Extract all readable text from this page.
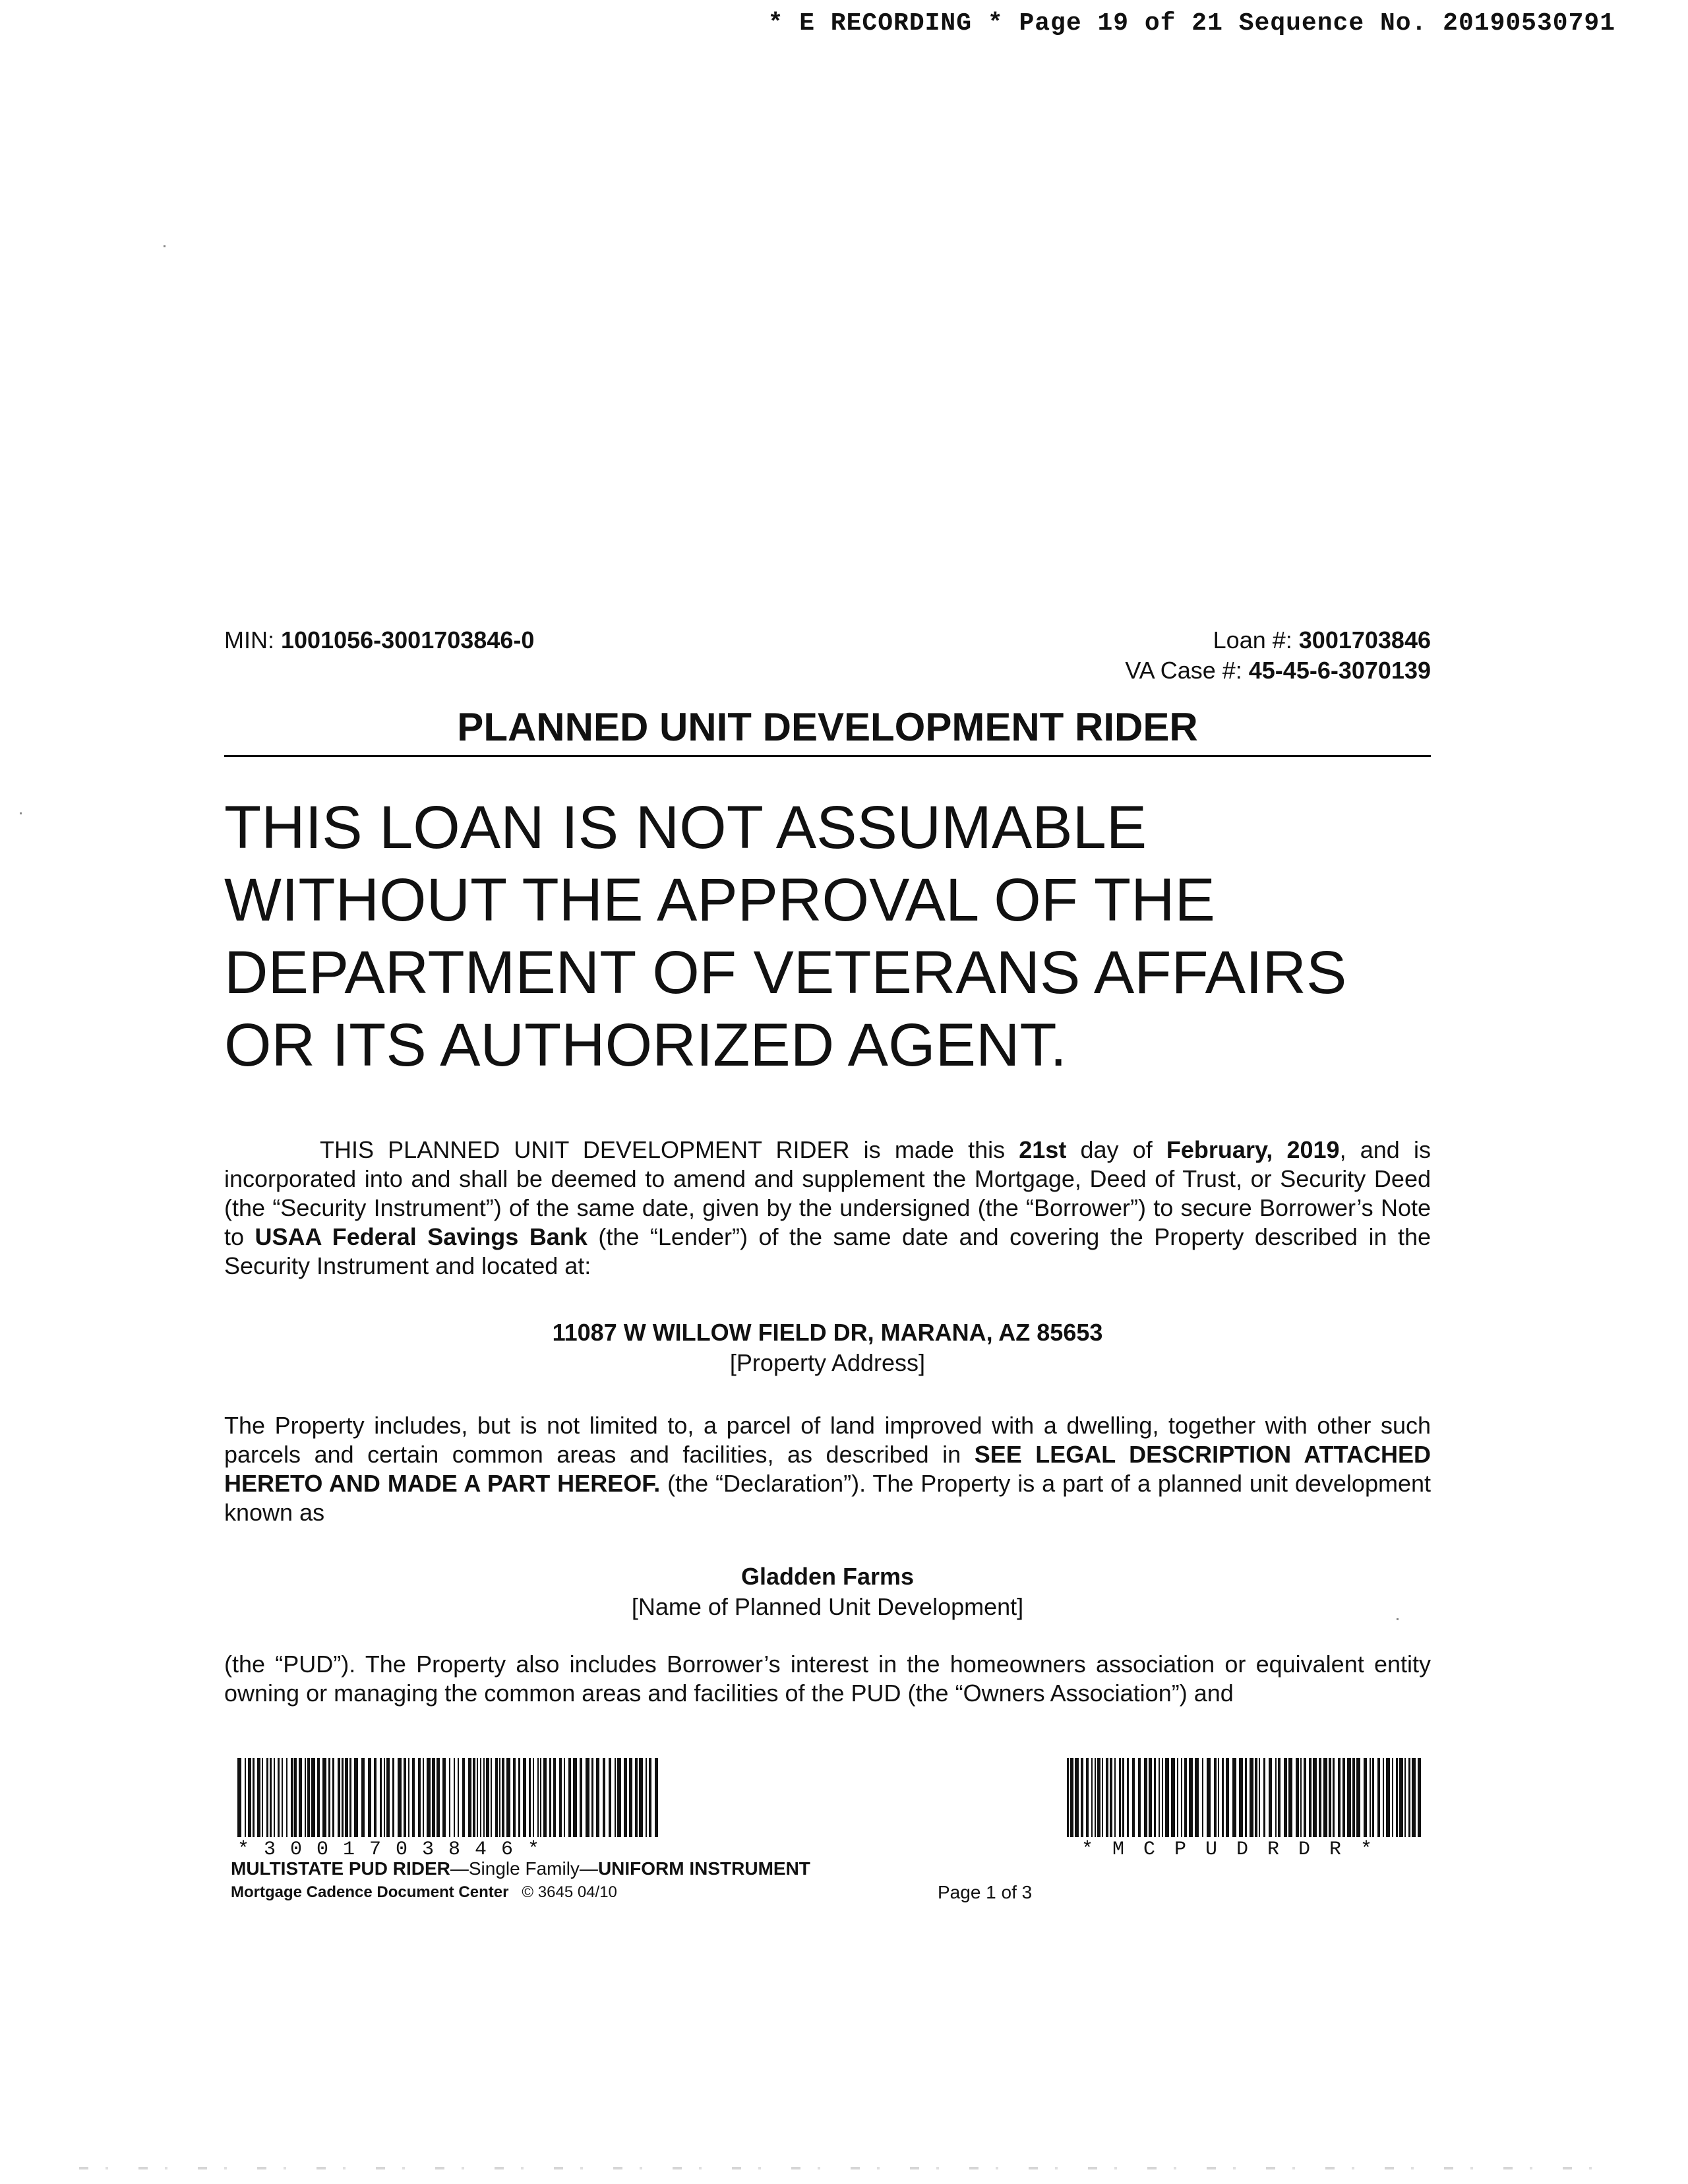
* E RECORDING * Page 19 of 21 Sequence No. 20190530791
MIN: 1001056-3001703846-0	Loan #: 3001703846
VA Case #: 45-45-6-3070139
PLANNED UNIT DEVELOPMENT RIDER
THIS LOAN IS NOT ASSUMABLE
WITHOUT THE APPROVAL OF THE
DEPARTMENT OF VETERANS AFFAIRS
OR ITS AUTHORIZED AGENT.
THIS PLANNED UNIT DEVELOPMENT RIDER is made this 21st day of February, 2019, and is incorporated into and shall be deemed to amend and supplement the Mortgage, Deed of Trust, or Security Deed (the “Security Instrument”) of the same date, given by the undersigned (the “Borrower”) to secure Borrower’s Note to USAA Federal Savings Bank (the “Lender”) of the same date and covering the Property described in the Security Instrument and located at:
11087 W WILLOW FIELD DR, MARANA, AZ 85653
[Property Address]
The Property includes, but is not limited to, a parcel of land improved with a dwelling, together with other such parcels and certain common areas and facilities, as described in SEE LEGAL DESCRIPTION ATTACHED HERETO AND MADE A PART HEREOF. (the “Declaration”). The Property is a part of a planned unit development known as
Gladden Farms
[Name of Planned Unit Development]
(the “PUD”). The Property also includes Borrower’s interest in the homeowners association or equivalent entity owning or managing the common areas and facilities of the PUD (the “Owners Association”) and
*3001703846*	*MCPUDRDR*
MULTISTATE PUD RIDER—Single Family—UNIFORM INSTRUMENT
Mortgage Cadence Document Center © 3645 04/10	Page 1 of 3
